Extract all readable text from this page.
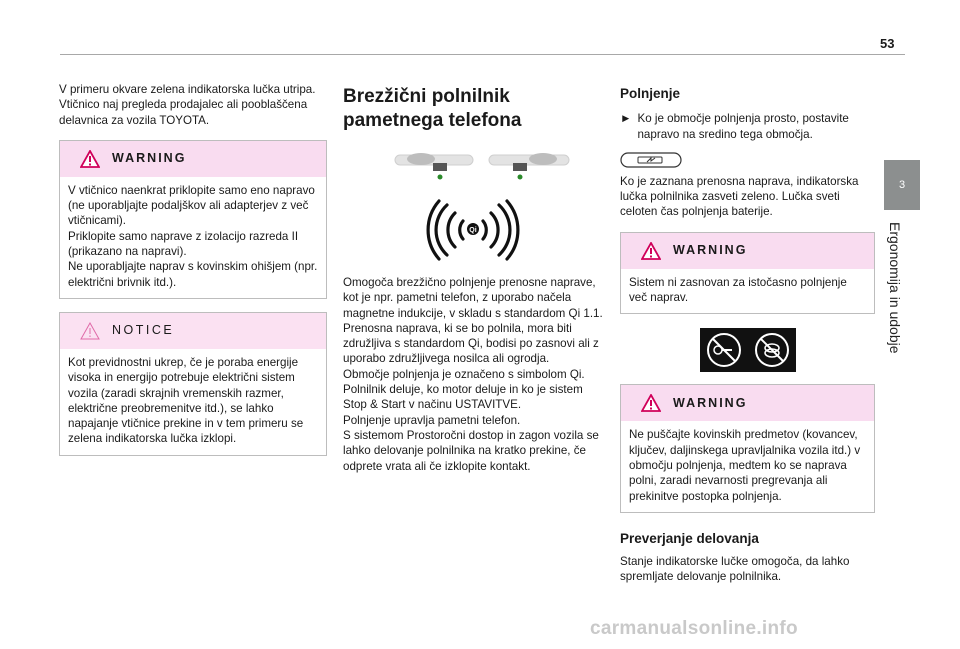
53
3
Ergonomija in udobje

V primeru okvare zelena indikatorska lučka utripa.
Vtičnico naj pregleda prodajalec ali pooblaščena delavnica za vozila TOYOTA.

WARNING
V vtičnico naenkrat priklopite samo eno napravo (ne uporabljajte podaljškov ali adapterjev z več vtičnicami).
Priklopite samo naprave z izolacijo razreda II (prikazano na napravi).
Ne uporabljajte naprav s kovinskim ohišjem (npr. električni brivnik itd.).
NOTICE
Kot previdnostni ukrep, če je poraba energije visoka in energijo potrebuje električni sistem vozila (zaradi skrajnih vremenskih razmer, električne preobremenitve itd.), se lahko napajanje vtičnice prekine in v tem primeru se zelena indikatorska lučka izklopi.
Brezžični polnilnik pametnega telefona
Qi

Omogoča brezžično polnjenje prenosne naprave, kot je npr. pametni telefon, z uporabo načela magnetne indukcije, v skladu s standardom Qi 1.1.
Prenosna naprava, ki se bo polnila, mora biti združljiva s standardom Qi, bodisi po zasnovi ali z uporabo združljivega nosilca ali ogrodja.
Območje polnjenja je označeno s simbolom Qi.
Polnilnik deluje, ko motor deluje in ko je sistem Stop & Start v načinu USTAVITVE.
Polnjenje upravlja pametni telefon.
S sistemom Prostoročni dostop in zagon vozila se lahko delovanje polnilnika na kratko prekine, če odprete vrata ali če izklopite kontakt.

Polnjenje
► Ko je območje polnjenja prosto, postavite napravo na sredino tega območja.

Ko je zaznana prenosna naprava, indikatorska lučka polnilnika zasveti zeleno. Lučka sveti celoten čas polnjenja baterije.

WARNING
Sistem ni zasnovan za istočasno polnjenje več naprav.
WARNING
Ne puščajte kovinskih predmetov (kovancev, ključev, daljinskega upravljalnika vozila itd.) v območju polnjenja, medtem ko se naprava polni, zaradi nevarnosti pregrevanja ali prekinitve postopka polnjenja.
Preverjanje delovanja

Stanje indikatorske lučke omogoča, da lahko spremljate delovanje polnilnika.

carmanualsonline.info
